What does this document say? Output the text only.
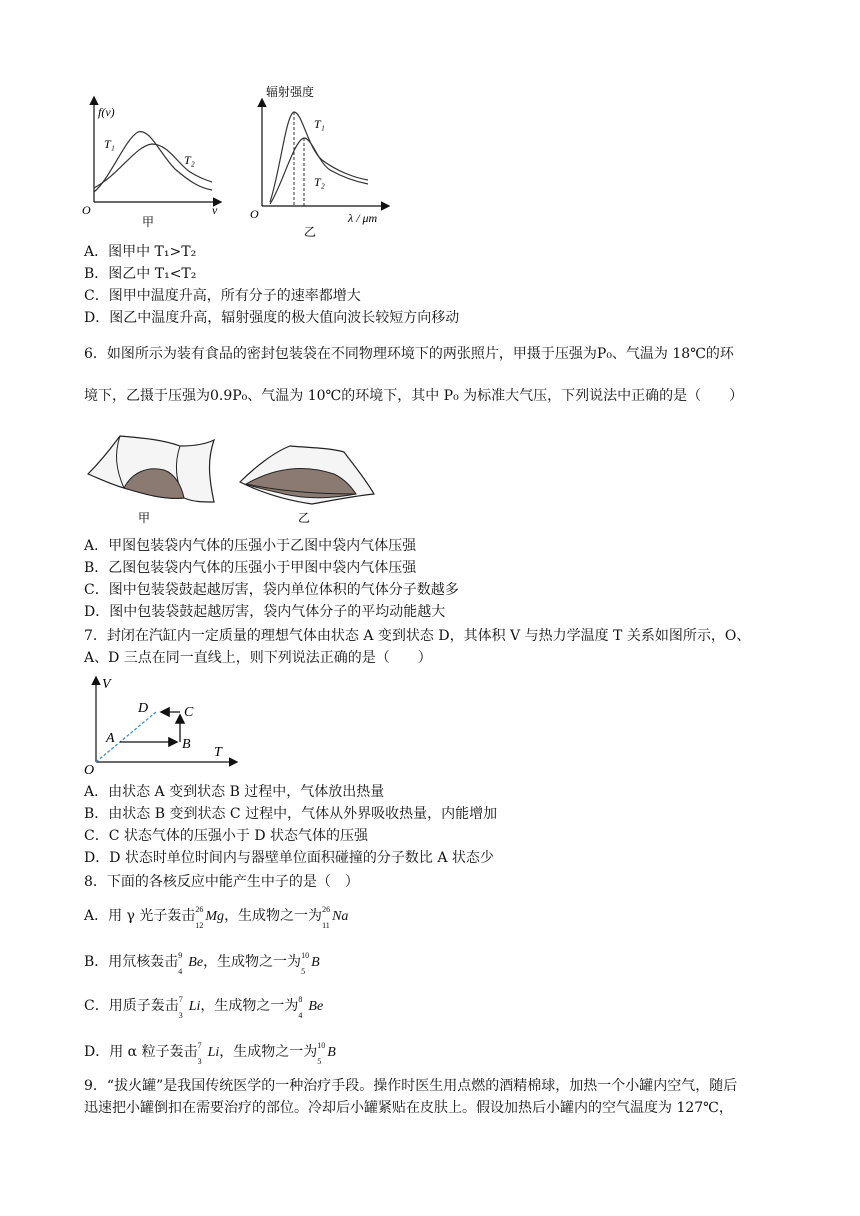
f(v)
T₁
T₂
O	v
甲
辐射强度
T₁
T₂
O	λ / μm
乙
A．图甲中 T₁>T₂
B．图乙中 T₁<T₂
C．图甲中温度升高，所有分子的速率都增大
D．图乙中温度升高，辐射强度的极大值向波长较短方向移动
6．如图所示为装有食品的密封包装袋在不同物理环境下的两张照片，甲摄于压强为P₀、气温为 18℃的环
境下，乙摄于压强为0.9P₀、气温为 10℃的环境下，其中 P₀ 为标准大气压，下列说法中正确的是（　　）
甲	乙
A．甲图包装袋内气体的压强小于乙图中袋内气体压强
B．乙图包装袋内气体的压强小于甲图中袋内气体压强
C．图中包装袋鼓起越厉害，袋内单位体积的气体分子数越多
D．图中包装袋鼓起越厉害，袋内气体分子的平均动能越大
7．封闭在汽缸内一定质量的理想气体由状态 A 变到状态 D，其体积 V 与热力学温度 T 关系如图所示，O、
A、D 三点在同一直线上，则下列说法正确的是（　　）
V
T
O
A	B
C
D
A．由状态 A 变到状态 B 过程中，气体放出热量
B．由状态 B 变到状态 C 过程中，气体从外界吸收热量，内能增加
C．C 状态气体的压强小于 D 状态气体的压强
D．D 状态时单位时间内与器壁单位面积碰撞的分子数比 A 状态少
8．下面的各核反应中能产生中子的是（　）
A．用 γ 光子轰击 26
12
Mg，生成物之一为 26
11
Na
B．用氘核轰击 9
4
Be，生成物之一为 10
5
B
C．用质子轰击 7
3
Li，生成物之一为 8
4
Be
D．用 α 粒子轰击 7
3
Li，生成物之一为 10
5
B
9．“拔火罐”是我国传统医学的一种治疗手段。操作时医生用点燃的酒精棉球，加热一个小罐内空气，随后
迅速把小罐倒扣在需要治疗的部位。冷却后小罐紧贴在皮肤上。假设加热后小罐内的空气温度为 127℃，
